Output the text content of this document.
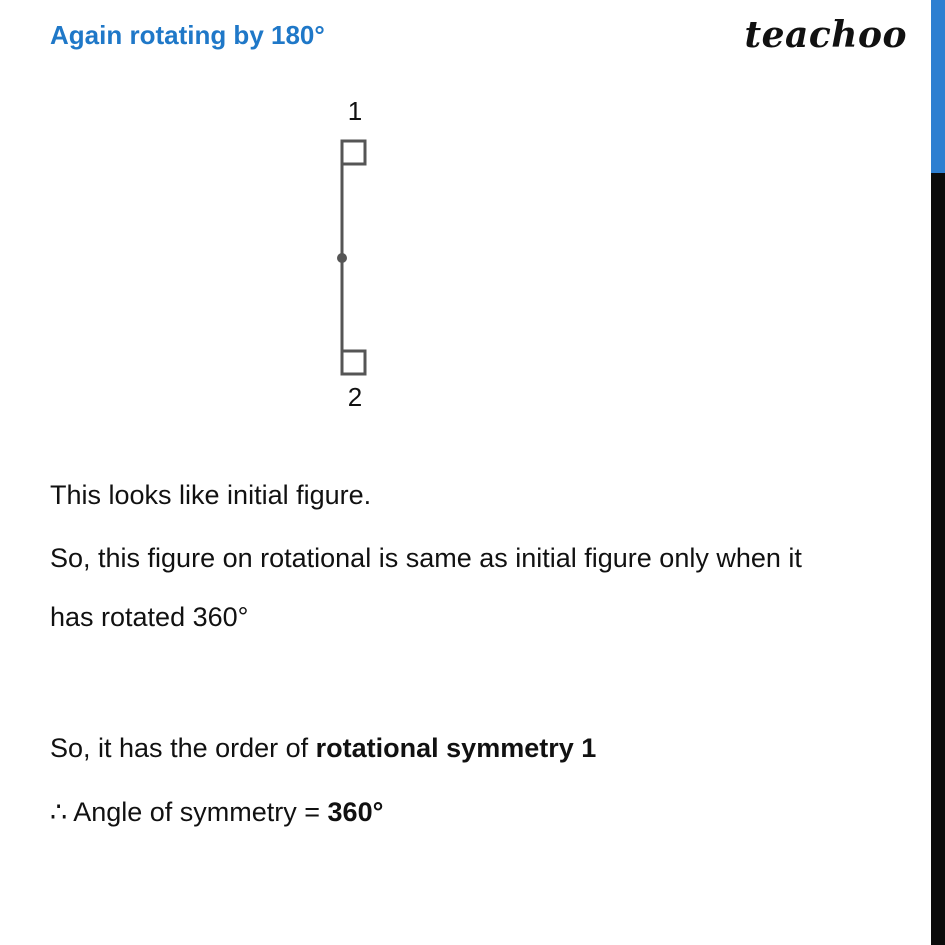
Again rotating by 180°	teachoo
1
2
This looks like initial figure.
So, this figure on rotational is same as initial figure only when it
has rotated 360°
So, it has the order of rotational symmetry 1
∴ Angle of symmetry = 360°
